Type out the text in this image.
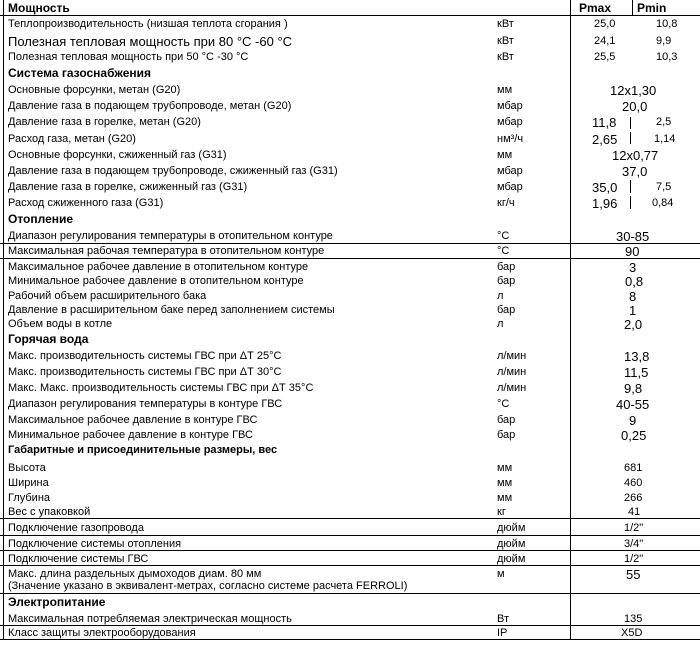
Мощность	Pmax Pmin
Теплопроизводительность (низшая теплота сгорания )	кВт	25,0	10,8
Полезная тепловая мощность при 80 °С -60 °С	кВт	24,1	9,9
Полезная тепловая мощность при 50 °С -30 °С	кВт	25,5	10,3
Система газоснабжения
Основные форсунки, метан (G20)	мм	12x1,30
Давление газа в подающем трубопроводе, метан (G20)	мбар	20,0
Давление газа в горелке, метан (G20)	мбар	11,8	2,5
Расход газа, метан (G20)	нм³/ч	2,65	1,14
Основные форсунки, сжиженный газ (G31)	мм	12x0,77
Давление газа в подающем трубопроводе, сжиженный газ (G31)	мбар	37,0
Давление газа в горелке, сжиженный газ (G31)	мбар	35,0	7,5
Расход сжиженного газа (G31)	кг/ч	1,96	0,84
Отопление
Диапазон регулирования температуры в отопительном контуре	°С	30-85
Максимальная рабочая температура в отопительном контуре	°С	90
Максимальное рабочее давление в отопительном контуре	бар	3
Минимальное рабочее давление в отопительном контуре	бар	0,8
Рабочий объем расширительного бака	л	8
Давление в расширительном баке перед заполнением системы	бар	1
Объем воды в котле	л	2,0
Горячая вода
Макс. производительность системы ГВС при ΔТ 25°С	л/мин	13,8
Макс. производительность системы ГВС при ΔТ 30°С	л/мин	11,5
Макс. Макс. производительность системы ГВС при ΔТ 35°С	л/мин	9,8
Диапазон регулирования температуры в контуре ГВС	°С	40-55
Максимальное рабочее давление в контуре ГВС	бар	9
Минимальное рабочее давление в контуре ГВС	бар	0,25
Габаритные и присоединительные размеры, вес
Высота	мм	681
Ширина	мм	460
Глубина	мм	266
Вес с упаковкой	кг	41
Подключение газопровода	дюйм	1/2"
Подключение системы отопления	дюйм	3/4"
Подключение системы ГВС	дюйм	1/2"
Макс. длина раздельных дымоходов диам. 80 мм
(Значение указано в эквивалент-метрах, согласно системе расчета FERROLI)
м	55
Электропитание
Максимальная потребляемая электрическая мощность	Вт	135
Класс защиты электрооборудования	IP	X5D
